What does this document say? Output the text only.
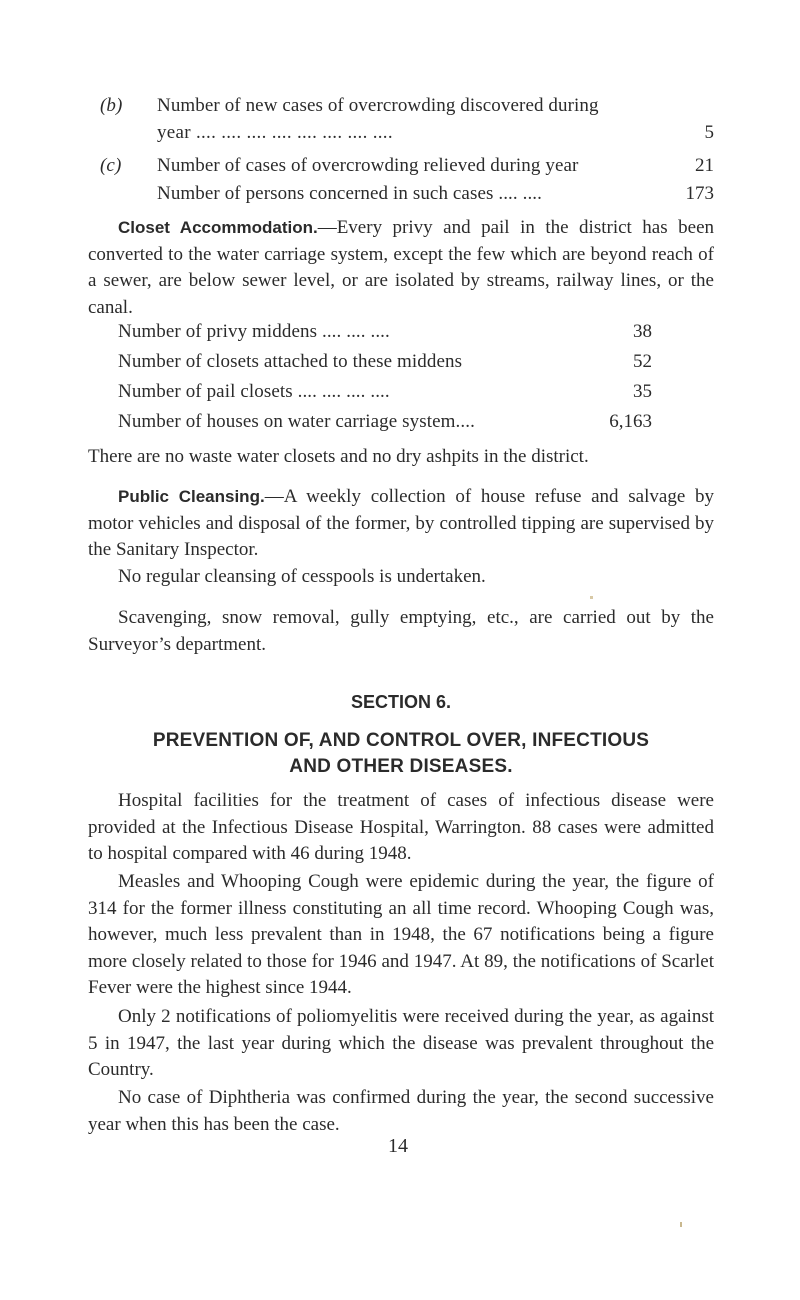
(b) Number of new cases of overcrowding discovered during
year .... .... .... .... .... .... .... ....	5
(c) Number of cases of overcrowding relieved during year	21
Number of persons concerned in such cases .... ....	173
Closet Accommodation.—Every privy and pail in the district has been converted to the water carriage system, except the few which are beyond reach of a sewer, are below sewer level, or are isolated by streams, railway lines, or the canal.
Number of privy middens .... .... ....	38
Number of closets attached to these middens	52
Number of pail closets .... .... .... ....	35
Number of houses on water carriage system....	6,163
There are no waste water closets and no dry ashpits in the district.
Public Cleansing.—A weekly collection of house refuse and salvage by motor vehicles and disposal of the former, by controlled tipping are supervised by the Sanitary Inspector.
No regular cleansing of cesspools is undertaken.
Scavenging, snow removal, gully emptying, etc., are carried out by the Surveyor’s department.
SECTION 6.
PREVENTION OF, AND CONTROL OVER, INFECTIOUS
AND OTHER DISEASES.
Hospital facilities for the treatment of cases of infectious disease were provided at the Infectious Disease Hospital, Warrington. 88 cases were admitted to hospital compared with 46 during 1948.
Measles and Whooping Cough were epidemic during the year, the figure of 314 for the former illness constituting an all time record. Whooping Cough was, however, much less prevalent than in 1948, the 67 notifications being a figure more closely related to those for 1946 and 1947. At 89, the notifications of Scarlet Fever were the highest since 1944.
Only 2 notifications of poliomyelitis were received during the year, as against 5 in 1947, the last year during which the disease was prevalent throughout the Country.
No case of Diphtheria was confirmed during the year, the second successive year when this has been the case.
14
